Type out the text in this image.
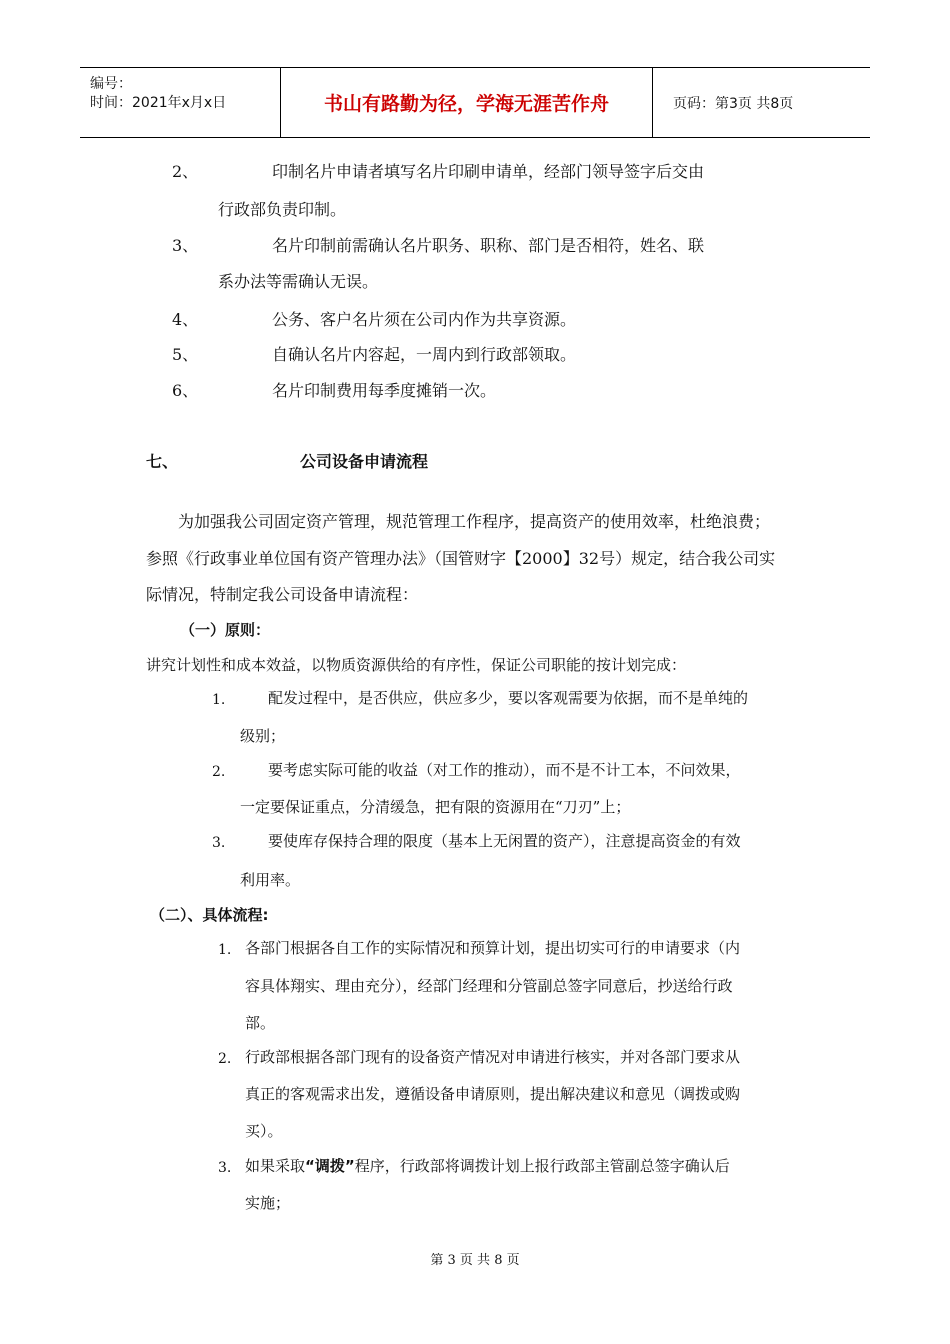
编号：
时间：2021年x月x日	书山有路勤为径，学海无涯苦作舟	页码：第3页 共8页
2、	印制名片申请者填写名片印刷申请单，经部门领导签字后交由
行政部负责印制。
3、	名片印制前需确认名片职务、职称、部门是否相符，姓名、联
系办法等需确认无误。
4、	公务、客户名片须在公司内作为共享资源。
5、	自确认名片内容起，一周内到行政部领取。
6、	名片印制费用每季度摊销一次。
七、	公司设备申请流程
为加强我公司固定资产管理，规范管理工作程序，提高资产的使用效率，杜绝浪费；
参照《行政事业单位国有资产管理办法》（国管财字【2000】32号）规定，结合我公司实
际情况，特制定我公司设备申请流程：
（一）原则：
讲究计划性和成本效益，以物质资源供给的有序性，保证公司职能的按计划完成：
1.	配发过程中，是否供应，供应多少，要以客观需要为依据，而不是单纯的
级别；
2.	要考虑实际可能的收益（对工作的推动），而不是不计工本，不问效果，
一定要保证重点，分清缓急，把有限的资源用在“刀刃”上；
3.	要使库存保持合理的限度（基本上无闲置的资产），注意提高资金的有效
利用率。
（二）、具体流程:
1. 各部门根据各自工作的实际情况和预算计划，提出切实可行的申请要求（内
容具体翔实、理由充分），经部门经理和分管副总签字同意后，抄送给行政
部。
2. 行政部根据各部门现有的设备资产情况对申请进行核实，并对各部门要求从
真正的客观需求出发，遵循设备申请原则，提出解决建议和意见（调拨或购
买）。
3. 如果采取“调拨”程序，行政部将调拨计划上报行政部主管副总签字确认后
实施；
第 3 页 共 8 页
